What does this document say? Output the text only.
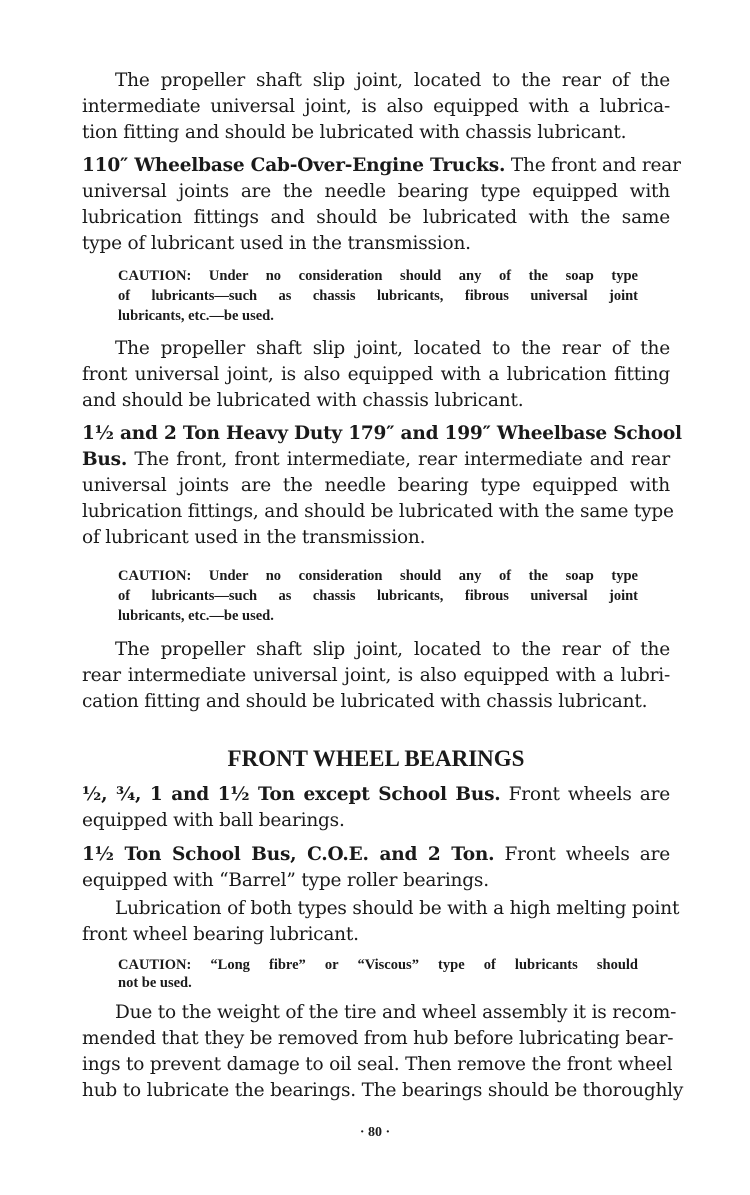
The propeller shaft slip joint, located to the rear of the
intermediate universal joint, is also equipped with a lubrica-
tion fitting and should be lubricated with chassis lubricant.
110″ Wheelbase Cab-Over-Engine Trucks. The front and rear
universal joints are the needle bearing type equipped with
lubrication fittings and should be lubricated with the same
type of lubricant used in the transmission.
CAUTION: Under no consideration should any of the soap type
of lubricants—such as chassis lubricants, fibrous universal joint
lubricants, etc.—be used.
The propeller shaft slip joint, located to the rear of the
front universal joint, is also equipped with a lubrication fitting
and should be lubricated with chassis lubricant.
1½ and 2 Ton Heavy Duty 179″ and 199″ Wheelbase School
Bus. The front, front intermediate, rear intermediate and rear
universal joints are the needle bearing type equipped with
lubrication fittings, and should be lubricated with the same type
of lubricant used in the transmission.
CAUTION: Under no consideration should any of the soap type
of lubricants—such as chassis lubricants, fibrous universal joint
lubricants, etc.—be used.
The propeller shaft slip joint, located to the rear of the
rear intermediate universal joint, is also equipped with a lubri-
cation fitting and should be lubricated with chassis lubricant.
FRONT WHEEL BEARINGS
½, ¾, 1 and 1½ Ton except School Bus. Front wheels are
equipped with ball bearings.
1½ Ton School Bus, C.O.E. and 2 Ton. Front wheels are
equipped with “Barrel” type roller bearings.
Lubrication of both types should be with a high melting point
front wheel bearing lubricant.
CAUTION: “Long fibre” or “Viscous” type of lubricants should
not be used.
Due to the weight of the tire and wheel assembly it is recom-
mended that they be removed from hub before lubricating bear-
ings to prevent damage to oil seal. Then remove the front wheel
hub to lubricate the bearings. The bearings should be thoroughly
· 80 ·
